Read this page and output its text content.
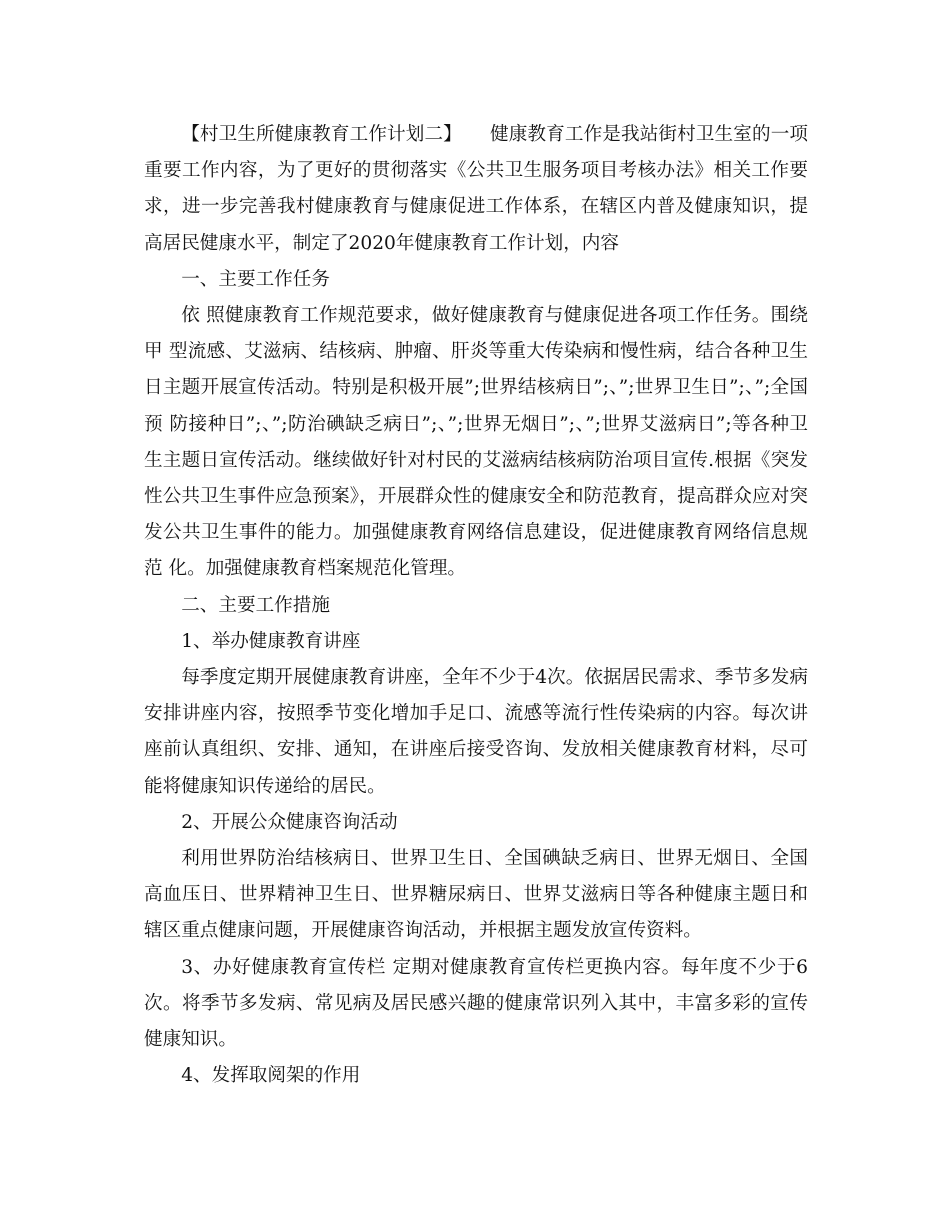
【村卫生所健康教育工作计划二】　　健康教育工作是我站街村卫生室的一项重要工作内容，为了更好的贯彻落实《公共卫生服务项目考核办法》相关工作要求，进一步完善我村健康教育与健康促进工作体系，在辖区内普及健康知识，提高居民健康水平，制定了2020年健康教育工作计划，内容

一、主要工作任务

依 照健康教育工作规范要求，做好健康教育与健康促进各项工作任务。围绕甲 型流感、艾滋病、结核病、肿瘤、肝炎等重大传染病和慢性病，结合各种卫生日主题开展宣传活动。特别是积极开展”;世界结核病日”;、”;世界卫生日”;、”;全国预 防接种日”;、”;防治碘缺乏病日”;、”;世界无烟日”;、”;世界艾滋病日”;等各种卫生主题日宣传活动。继续做好针对村民的艾滋病结核病防治项目宣传.根据《突发 性公共卫生事件应急预案》，开展群众性的健康安全和防范教育，提高群众应对突发公共卫生事件的能力。加强健康教育网络信息建设，促进健康教育网络信息规范 化。加强健康教育档案规范化管理。

二、主要工作措施

1、举办健康教育讲座

每季度定期开展健康教育讲座，全年不少于4次。依据居民需求、季节多发病安排讲座内容，按照季节变化增加手足口、流感等流行性传染病的内容。每次讲座前认真组织、安排、通知，在讲座后接受咨询、发放相关健康教育材料，尽可能将健康知识传递给的居民。

2、开展公众健康咨询活动

利用世界防治结核病日、世界卫生日、全国碘缺乏病日、世界无烟日、全国高血压日、世界精神卫生日、世界糖尿病日、世界艾滋病日等各种健康主题日和辖区重点健康问题，开展健康咨询活动，并根据主题发放宣传资料。

3、办好健康教育宣传栏 定期对健康教育宣传栏更换内容。每年度不少于6次。将季节多发病、常见病及居民感兴趣的健康常识列入其中，丰富多彩的宣传健康知识。

4、发挥取阅架的作用
